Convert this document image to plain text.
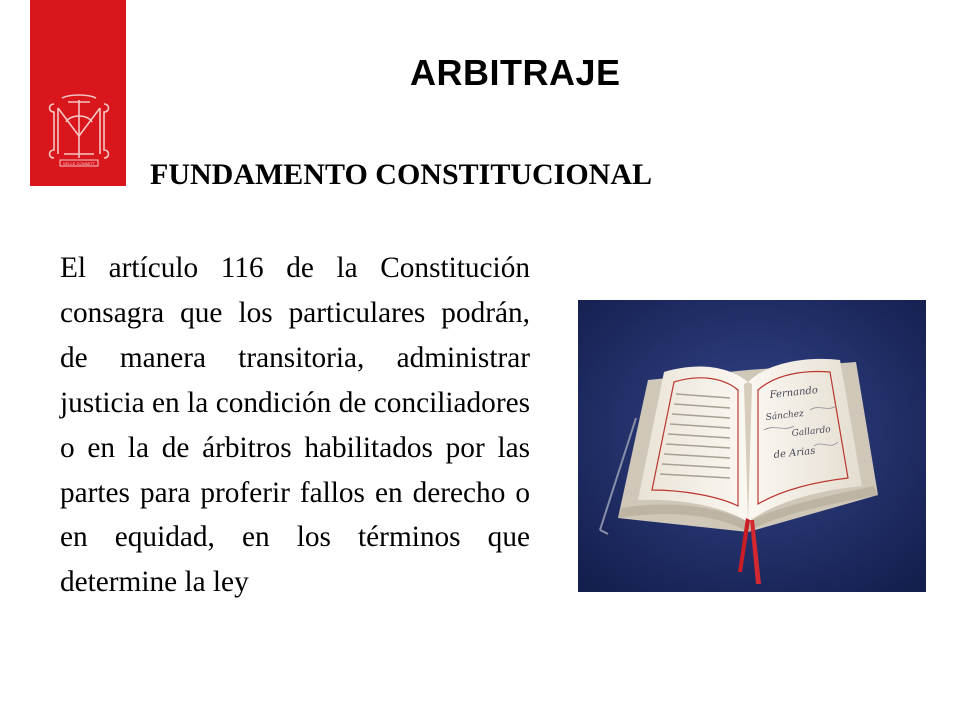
VELLE COMMITT
ARBITRAJE
FUNDAMENTO CONSTITUCIONAL
El artículo 116 de la Constitución consagra que los particulares podrán, de manera transitoria, administrar justicia en la condición de conciliadores o en la de árbitros habilitados por las partes para proferir fallos en derecho o en equidad, en los términos que determine la ley
Fernando
Sánchez
Gallardo
de Arias
